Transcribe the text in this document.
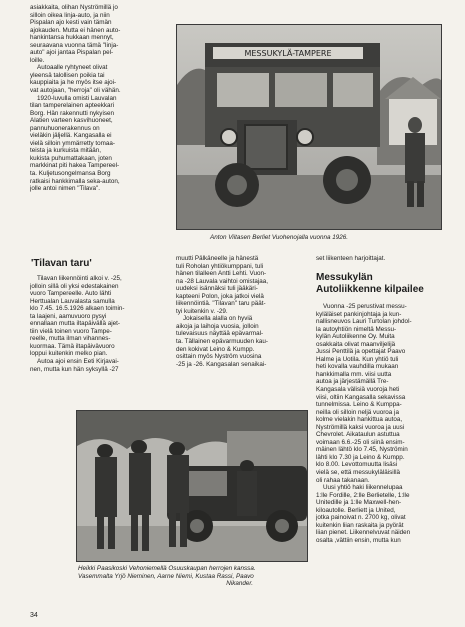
asiakkaita, olihan Nyströmillä jo
silloin oikea linja-auto, ja niin
Pispalan ajo kesti vain tämän
ajokauden. Mutta ei hänen auto-
hankintansa hukkaan mennyt,
seuraavana vuonna tämä "linja-
auto" ajoi jantaa Pispalan pel-
loille.
Autoaalle ryhtyneet olivat
yleensä talollisen poikia tai
kauppiaita ja he myös itse ajoi-
vat autojaan, "herroja" oli vähän.
1920-luvulla omisti Lauvalan
tilan tamperelainen apteekkari
Borg. Hän rakennutti nykyisen
Alatien varteen kasvihuoneet,
pannuhuonerakennus on
vieläkin jäljellä. Kangasalla ei
vielä silloin ymmärretty tomaa-
teista ja kurkuista mitään,
kukista puhumattakaan, joten
markkinat piti hakea Tampereel-
ta. Kuljetusongelmansa Borg
ratkaisi hankkimalla seka-auton,
jolle antoi nimen "Tilava".
MESSUKYLÄ-TAMPERE
Anton Viitasen Berliet Vuohenojalla vuonna 1926.
'Tilavan taru'
Tilavan liikennöinti alkoi v. -25,
jolloin sillä oli yksi edestakainen
vuoro Tampereelle. Auto lähti
Herttualan Lauvalasta samulla
klo 7.45. 16.5.1926 alkaen toimin-
ta laajeni, aamuvuoro pysyi
ennallaan mutta iltapäivällä ajet-
tiin vielä toinen vuoro Tampe-
reelle, mutta ilman vihannes-
kuormaa. Tämä iltapäivävuoro
loppui kuitenkin melko pian.
Autoa ajoi ensin Eeti Kirjavai-
nen, mutta kun hän syksyllä -27
muutti Pälkäneelle ja hänestä
tuli Roholan yhtiökumppani, tuli
hänen tilalleen Antti Lehti. Vuon-
na -28 Lauvala vaihtoi omistajaa,
uudeksi isännäksi tuli jääkäri-
kapteeni Polon, joka jatkoi vielä
liikennöintiä. "Tilavan" taru päät-
tyi kuitenkin v. -29.
Jokaisella alalla on hyviä
aikoja ja laihoja vuosia, jolloin
tulevaisuus näyttää epävarmal-
ta. Tällainen epävarmuuden kau-
den kokivat Leino & Kumpp.
osittain myös Nyström vuosina
-25 ja -26. Kangasalan senaikai-
set liikenteen harjoittajat.
Messukylän
Autoliikkenne kilpailee
Vuonna -25 perustivat messu-
kyläläiset pankinjohtaja ja kun-
nallisneuvos Lauri Turtolan johdol-
la autoyhtiön nimeltä Messu-
kylän Autoliikenne Oy. Muita
osakkaita olivat maanviljelijä
Jussi Penttilä ja opettajat Paavo
Halme ja Uotila. Kun yhtiö tuli
heti kovalla vauhdilla mukaan
hankkimalla mm. viisi uutta
autoa ja järjestämällä Tre-
Kangasala välisiä vuoroja heti
viisi, oltiin Kangasalla sekavissa
tunnelmissa. Leino & Kumppa-
neilla oli silloin neljä vuoroa ja
kolme vielakin hankittua autoa,
Nyströmillä kaksi vuoroa ja uusi
Chevrolet. Aikataulun astuttua
voimaan 6.6.-25 oli siinä ensim-
mäinen lähtö klo 7.45, Nyströmin
lähti klo 7.30 ja Leino & Kumpp.
klo 8.00. Levottomuutta lisäsi
vielä se, että messukyläläisillä
oli rahaa takanaan.
Uusi yhtiö haki liikennelupaa
1:lle Fordille, 2:lle Berlietelle, 1:lle
Unitedille ja 1:lle Maxwell-hen-
kiloautolle. Berliett ja United,
jotka painoivat n. 2700 kg, olivat
kuitenkin liian raskaita ja pyörät
liian pienet. Liikennelvuvat näiden
osalta ,vättiin ensin, mutta kun
Heikki Paasikoski Vehoniemellä Osuuskaupan herrojen kanssa.
Vasemmalta Yrjö Nieminen, Aarne Niemi, Kustaa Rassi, Paavo
Nikander.
34
